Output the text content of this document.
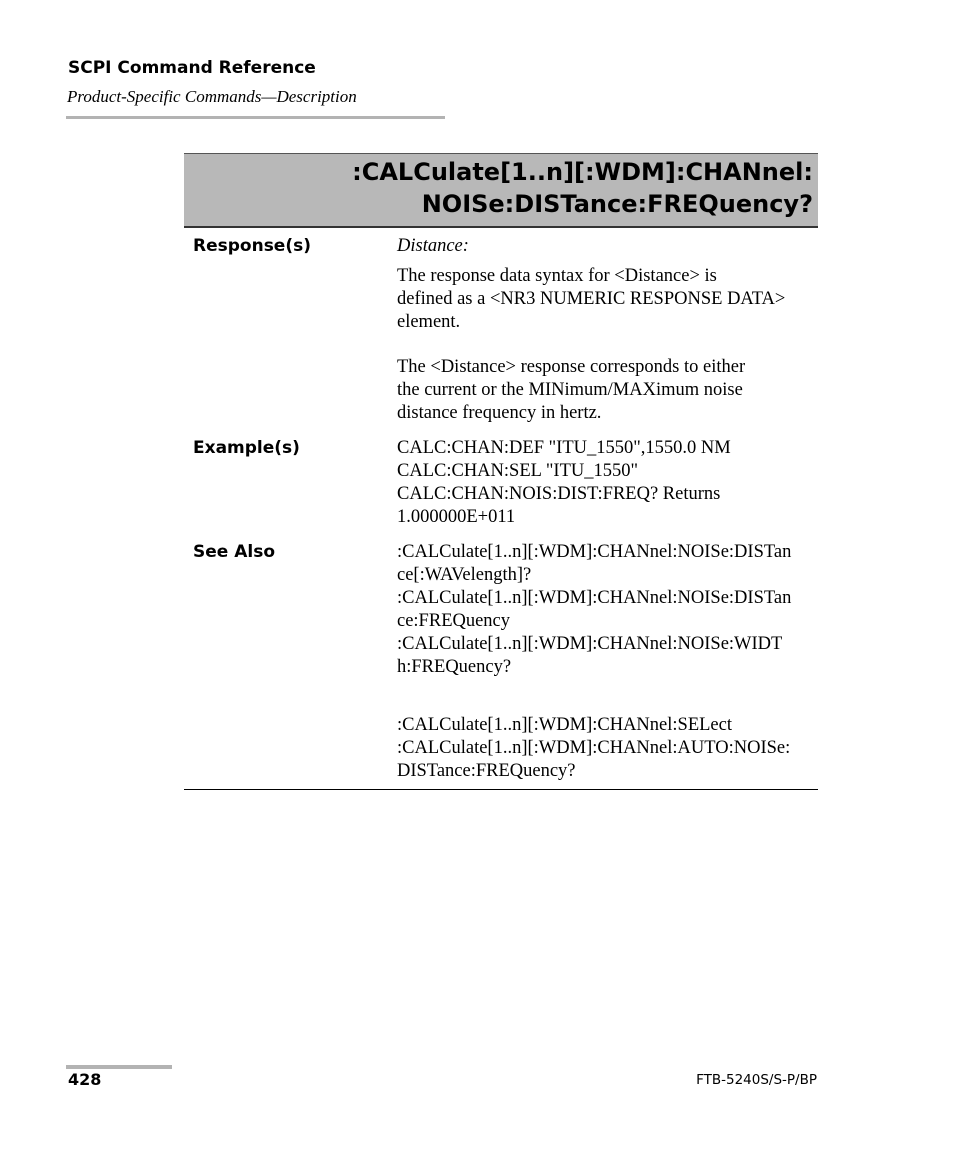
SCPI Command Reference
Product-Specific Commands—Description
:CALCulate[1..n][:WDM]:CHANnel:
NOISe:DISTance:FREQuency?
Response(s)	Distance:
The response data syntax for <Distance> is
defined as a <NR3 NUMERIC RESPONSE DATA>
element.
The <Distance> response corresponds to either
the current or the MINimum/MAXimum noise
distance frequency in hertz.
Example(s)	CALC:CHAN:DEF "ITU_1550",1550.0 NM
CALC:CHAN:SEL "ITU_1550"
CALC:CHAN:NOIS:DIST:FREQ? Returns
1.000000E+011
See Also	:CALCulate[1..n][:WDM]:CHANnel:NOISe:DISTan
ce[:WAVelength]?
:CALCulate[1..n][:WDM]:CHANnel:NOISe:DISTan
ce:FREQuency
:CALCulate[1..n][:WDM]:CHANnel:NOISe:WIDT
h:FREQuency?
:CALCulate[1..n][:WDM]:CHANnel:SELect
:CALCulate[1..n][:WDM]:CHANnel:AUTO:NOISe:
DISTance:FREQuency?
428	FTB-5240S/S-P/BP
